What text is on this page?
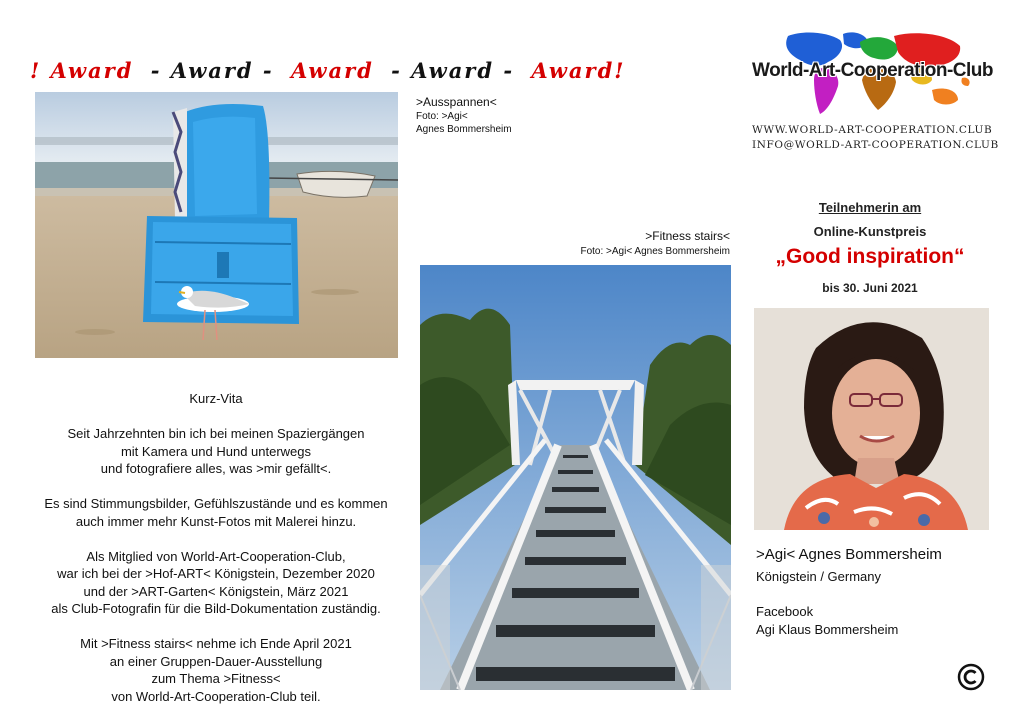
! Award - Award - Award - Award - Award!	World-Art-Cooperation-Club
WWW.WORLD-ART-COOPERATION.CLUB
INFO@WORLD-ART-COOPERATION.CLUB
>Ausspannen<
Foto: >Agi<
Agnes Bommersheim
>Fitness stairs<
Foto: >Agi< Agnes Bommersheim

Kurz-Vita

Seit Jahrzehnten bin ich bei meinen Spaziergängen
mit Kamera und Hund unterwegs
und fotografiere alles, was >mir gefällt<.

Es sind Stimmungsbilder, Gefühlszustände und es kommen
auch immer mehr Kunst-Fotos mit Malerei hinzu.

Als Mitglied von World-Art-Cooperation-Club,
war ich bei der >Hof-ART< Königstein, Dezember 2020
und der >ART-Garten< Königstein, März 2021
als Club-Fotografin für die Bild-Dokumentation zuständig.

Mit >Fitness stairs< nehme ich Ende April 2021
an einer Gruppen-Dauer-Ausstellung
zum Thema >Fitness<
von World-Art-Cooperation-Club teil.

Teilnehmerin am
Online-Kunstpreis
„Good inspiration“
bis 30. Juni 2021
>Agi< Agnes Bommersheim
Königstein / Germany
Facebook
Agi Klaus Bommersheim
